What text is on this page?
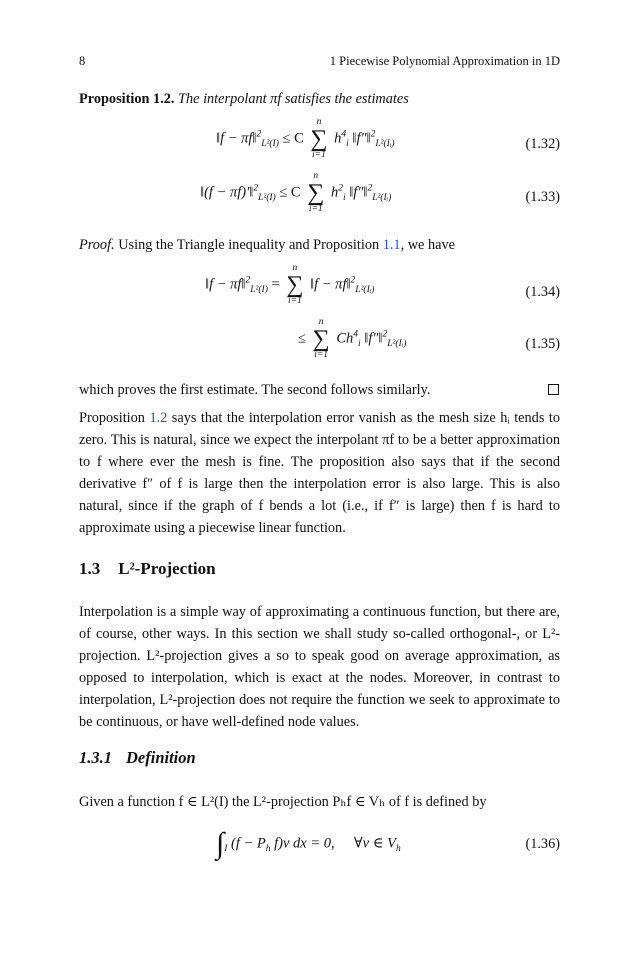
8	1 Piecewise Polynomial Approximation in 1D
Proposition 1.2. The interpolant πf satisfies the estimates
‖f − πf‖$^2_{L^2(I)}$ ≤ C
n
∑
i=1
$h^4_i$ ‖f″‖$^2_{L^2(Iᵢ)}$	(1.32)
‖(f − πf)′‖$^2_{L^2(I)}$ ≤ C
n
∑
i=1
$h^2_i$ ‖f″‖$^2_{L^2(Iᵢ)}$	(1.33)
Proof. Using the Triangle inequality and Proposition 1.1, we have
‖f − πf‖$^2_{L^2(I)}$ =
n
∑
i=1
‖f − πf‖$^2_{L^2(Iᵢ)}$	(1.34)
≤
n
∑
i=1
$Ch^4_i$ ‖f″‖$^2_{L^2(Iᵢ)}$	(1.35)
which proves the first estimate. The second follows similarly.
Proposition 1.2 says that the interpolation error vanish as the mesh size hᵢ tends to zero. This is natural, since we expect the interpolant πf to be a better approximation to f where ever the mesh is fine. The proposition also says that if the second derivative f″ of f is large then the interpolation error is also large. This is also natural, since if the graph of f bends a lot (i.e., if f″ is large) then f is hard to approximate using a piecewise linear function.
1.3 L²-Projection
Interpolation is a simple way of approximating a continuous function, but there are, of course, other ways. In this section we shall study so-called orthogonal-, or L²-projection. L²-projection gives a so to speak good on average approximation, as opposed to interpolation, which is exact at the nodes. Moreover, in contrast to interpolation, L²-projection does not require the function we seek to approximate to be continuous, or have well-defined node values.
1.3.1 Definition
Given a function f ∈ L²(I) the L²-projection Pₕf ∈ Vₕ of f is defined by
$\int_I$ ($f - P_h$ f)v dx = 0, ∀v ∈ $V_h$	(1.36)
